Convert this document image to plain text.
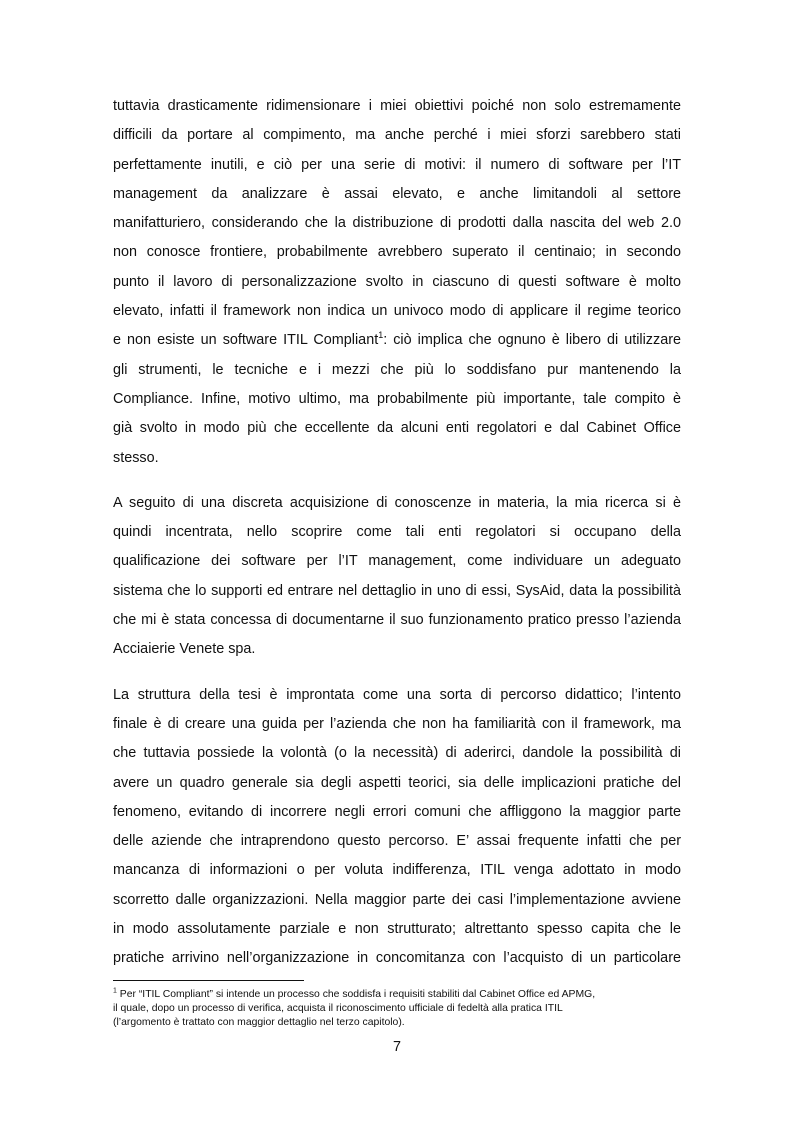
tuttavia drasticamente ridimensionare i miei obiettivi poiché non solo estremamente
difficili da portare al compimento, ma anche perché i miei sforzi sarebbero stati
perfettamente inutili, e ciò per una serie di motivi: il numero di software per l’IT
management da analizzare è assai elevato, e anche limitandoli al settore
manifatturiero, considerando che la distribuzione di prodotti dalla nascita del web 2.0
non conosce frontiere, probabilmente avrebbero superato il centinaio; in secondo
punto il lavoro di personalizzazione svolto in ciascuno di questi software è molto
elevato, infatti il framework non indica un univoco modo di applicare il regime teorico
e non esiste un software ITIL Compliant$^1$: ciò implica che ognuno è libero di utilizzare
gli strumenti, le tecniche e i mezzi che più lo soddisfano pur mantenendo la
Compliance. Infine, motivo ultimo, ma probabilmente più importante, tale compito è
già svolto in modo più che eccellente da alcuni enti regolatori e dal Cabinet Office
stesso.

A seguito di una discreta acquisizione di conoscenze in materia, la mia ricerca si è
quindi incentrata, nello scoprire come tali enti regolatori si occupano della
qualificazione dei software per l’IT management, come individuare un adeguato
sistema che lo supporti ed entrare nel dettaglio in uno di essi, SysAid, data la possibilità
che mi è stata concessa di documentarne il suo funzionamento pratico presso l’azienda
Acciaierie Venete spa.

La struttura della tesi è improntata come una sorta di percorso didattico; l’intento
finale è di creare una guida per l’azienda che non ha familiarità con il framework, ma
che tuttavia possiede la volontà (o la necessità) di aderirci, dandole la possibilità di
avere un quadro generale sia degli aspetti teorici, sia delle implicazioni pratiche del
fenomeno, evitando di incorrere negli errori comuni che affliggono la maggior parte
delle aziende che intraprendono questo percorso. E’ assai frequente infatti che per
mancanza di informazioni o per voluta indifferenza, ITIL venga adottato in modo
scorretto dalle organizzazioni. Nella maggior parte dei casi l’implementazione avviene
in modo assolutamente parziale e non strutturato; altrettanto spesso capita che le
pratiche arrivino nell’organizzazione in concomitanza con l’acquisto di un particolare

$^1$ Per “ITIL Compliant” si intende un processo che soddisfa i requisiti stabiliti dal Cabinet Office ed APMG,
il quale, dopo un processo di verifica, acquista il riconoscimento ufficiale di fedeltà alla pratica ITIL
(l’argomento è trattato con maggior dettaglio nel terzo capitolo).
7
